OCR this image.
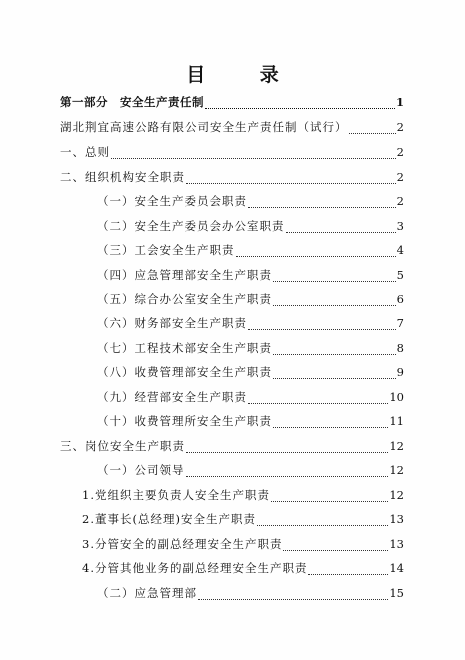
目 录
第一部分　安全生产责任制	1
湖北荆宜高速公路有限公司安全生产责任制（试行）	2
一、总则	2
二、组织机构安全职责	2
（一）安全生产委员会职责	2
（二）安全生产委员会办公室职责	3
（三）工会安全生产职责	4
（四）应急管理部安全生产职责	5
（五）综合办公室安全生产职责	6
（六）财务部安全生产职责	7
（七）工程技术部安全生产职责	8
（八）收费管理部安全生产职责	9
（九）经营部安全生产职责	10
（十）收费管理所安全生产职责	11
三、岗位安全生产职责	12
（一）公司领导	12
1.党组织主要负责人安全生产职责	12
2.董事长(总经理)安全生产职责	13
3.分管安全的副总经理安全生产职责	13
4.分管其他业务的副总经理安全生产职责	14
（二）应急管理部	15
